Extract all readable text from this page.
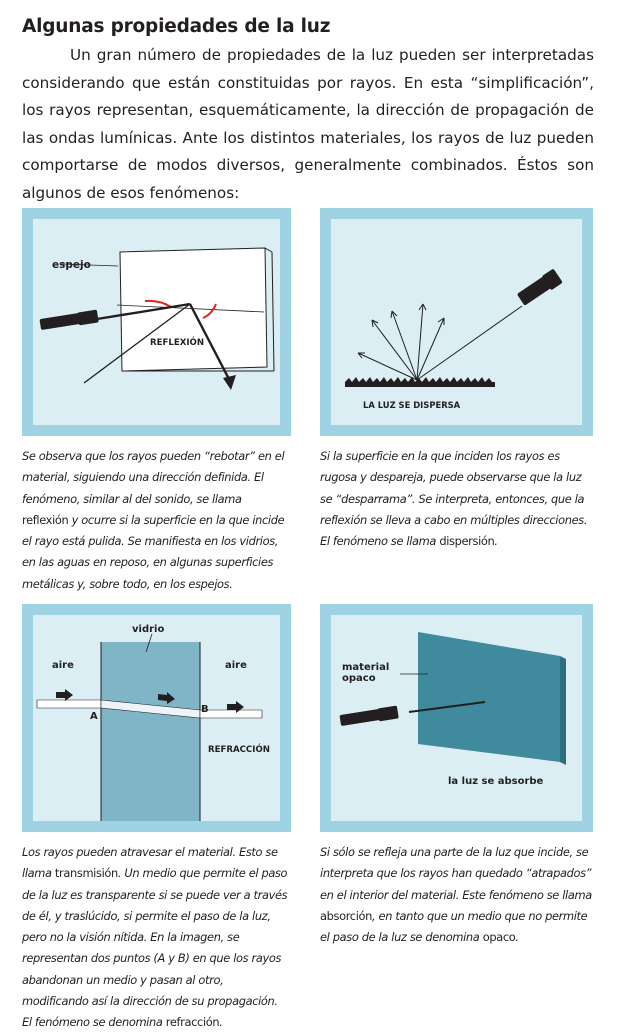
Algunas propiedades de la luz

Un gran número de propiedades de la luz pueden ser interpretadas considerando que están constituidas por rayos. En esta “simplificación”, los rayos representan, esquemáticamente, la dirección de propagación de las ondas lumínicas. Ante los distintos materiales, los rayos de luz pueden comportarse de modos diversos, generalmente combinados. Éstos son algunos de esos fenómenos:

espejo
REFLEXIÓN
LA LUZ SE DISPERSA
vidrio
aire	aire
A
B
REFRACCIÓN
material
opaco
la luz se absorbe
Se observa que los rayos pueden “rebotar” en el material, siguiendo una dirección definida. El fenómeno, similar al del sonido, se llama reflexión y ocurre si la superficie en la que incide el rayo está pulida. Se manifiesta en los vidrios, en las aguas en reposo, en algunas superficies metálicas y, sobre todo, en los espejos.
Si la superficie en la que inciden los rayos es rugosa y despareja, puede observarse que la luz se “desparrama”. Se interpreta, entonces, que la reflexión se lleva a cabo en múltiples direcciones. El fenómeno se llama dispersión.
Los rayos pueden atravesar el material. Esto se llama transmisión. Un medio que permite el paso de la luz es transparente si se puede ver a través de él, y traslúcido, si permite el paso de la luz, pero no la visión nítida. En la imagen, se representan dos puntos (A y B) en que los rayos abandonan un medio y pasan al otro, modificando así la dirección de su propagación. El fenómeno se denomina refracción.
Si sólo se refleja una parte de la luz que incide, se interpreta que los rayos han quedado “atrapados” en el interior del material. Este fenómeno se llama absorción, en tanto que un medio que no permite el paso de la luz se denomina opaco.
